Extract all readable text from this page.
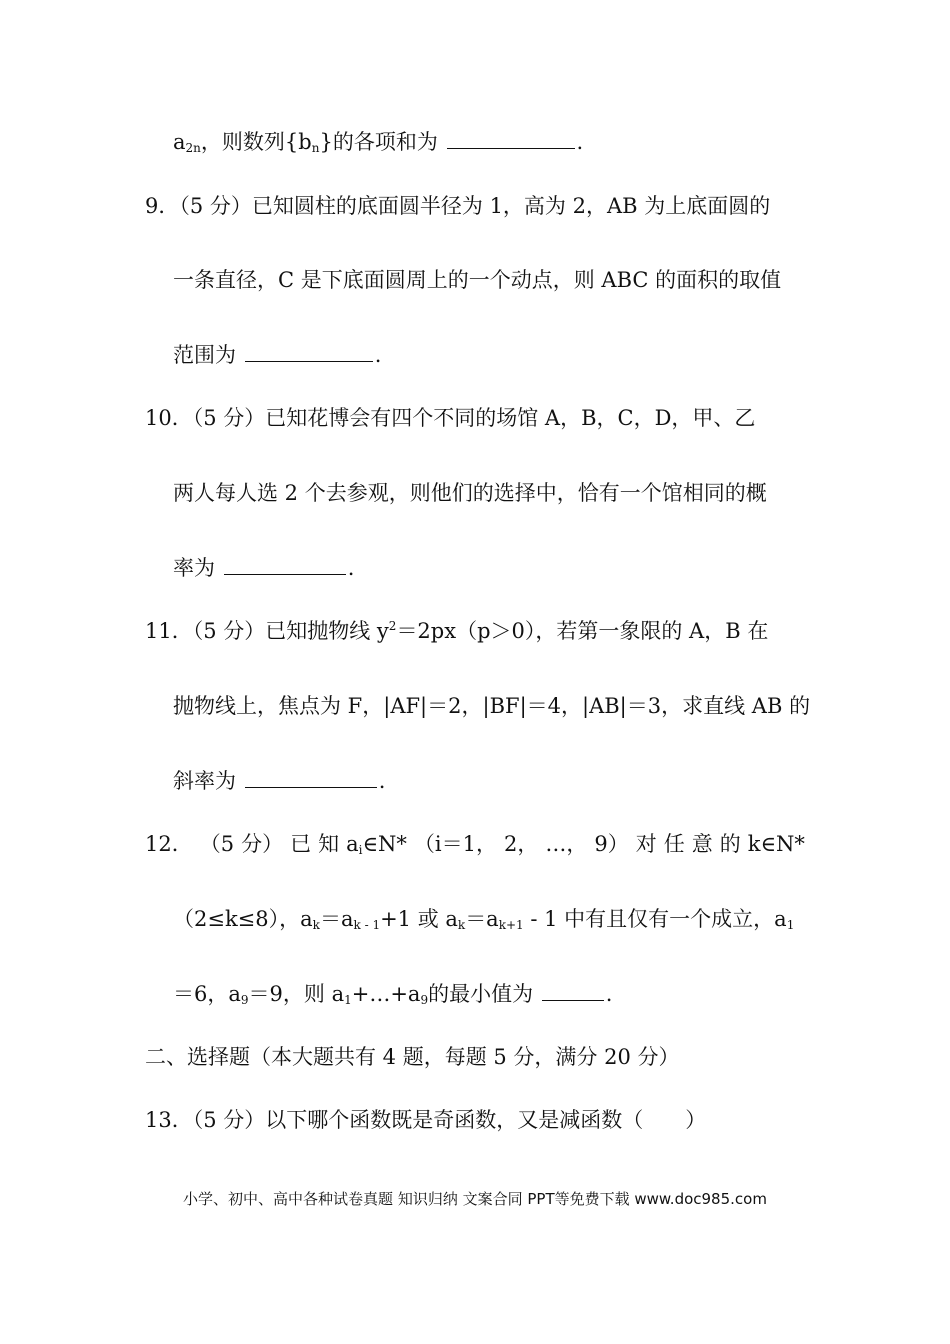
$a_{2n}$，则数列$\{b_n\}$的各项和为	.
9．（5 分）已知圆柱的底面圆半径为 1，高为 2，AB 为上底面圆的
一条直径，C 是下底面圆周上的一个动点，则 ABC 的面积的取值
范围为	.
10．（5 分）已知花博会有四个不同的场馆 A，B，C，D，甲、乙
两人每人选 2 个去参观，则他们的选择中，恰有一个馆相同的概
率为	.
11．（5 分）已知抛物线 $y^2=2px(p>0)$，若第一象限的 A，B 在
抛物线上，焦点为 F，|AF|＝2，|BF|＝4，|AB|＝3，求直线 AB 的
斜率为	.
12． （5 分） 已 知 $a_i\in N*$ （i＝1， 2， …， 9） 对 任 意 的 k∈N*
（2≤k≤8），$a_k=a_{k - 1}+1$ 或 $a_k=a_{k+1} - 1$ 中有且仅有一个成立，$a_1$
＝6，$a_9=9$，则 $a_1+\dots+a_9$的最小值为	.
二、选择题（本大题共有 4 题，每题 5 分，满分 20 分）
13．（5 分）以下哪个函数既是奇函数，又是减函数（　　）
小学、初中、高中各种试卷真题 知识归纳 文案合同 PPT等免费下载 www.doc985.com
